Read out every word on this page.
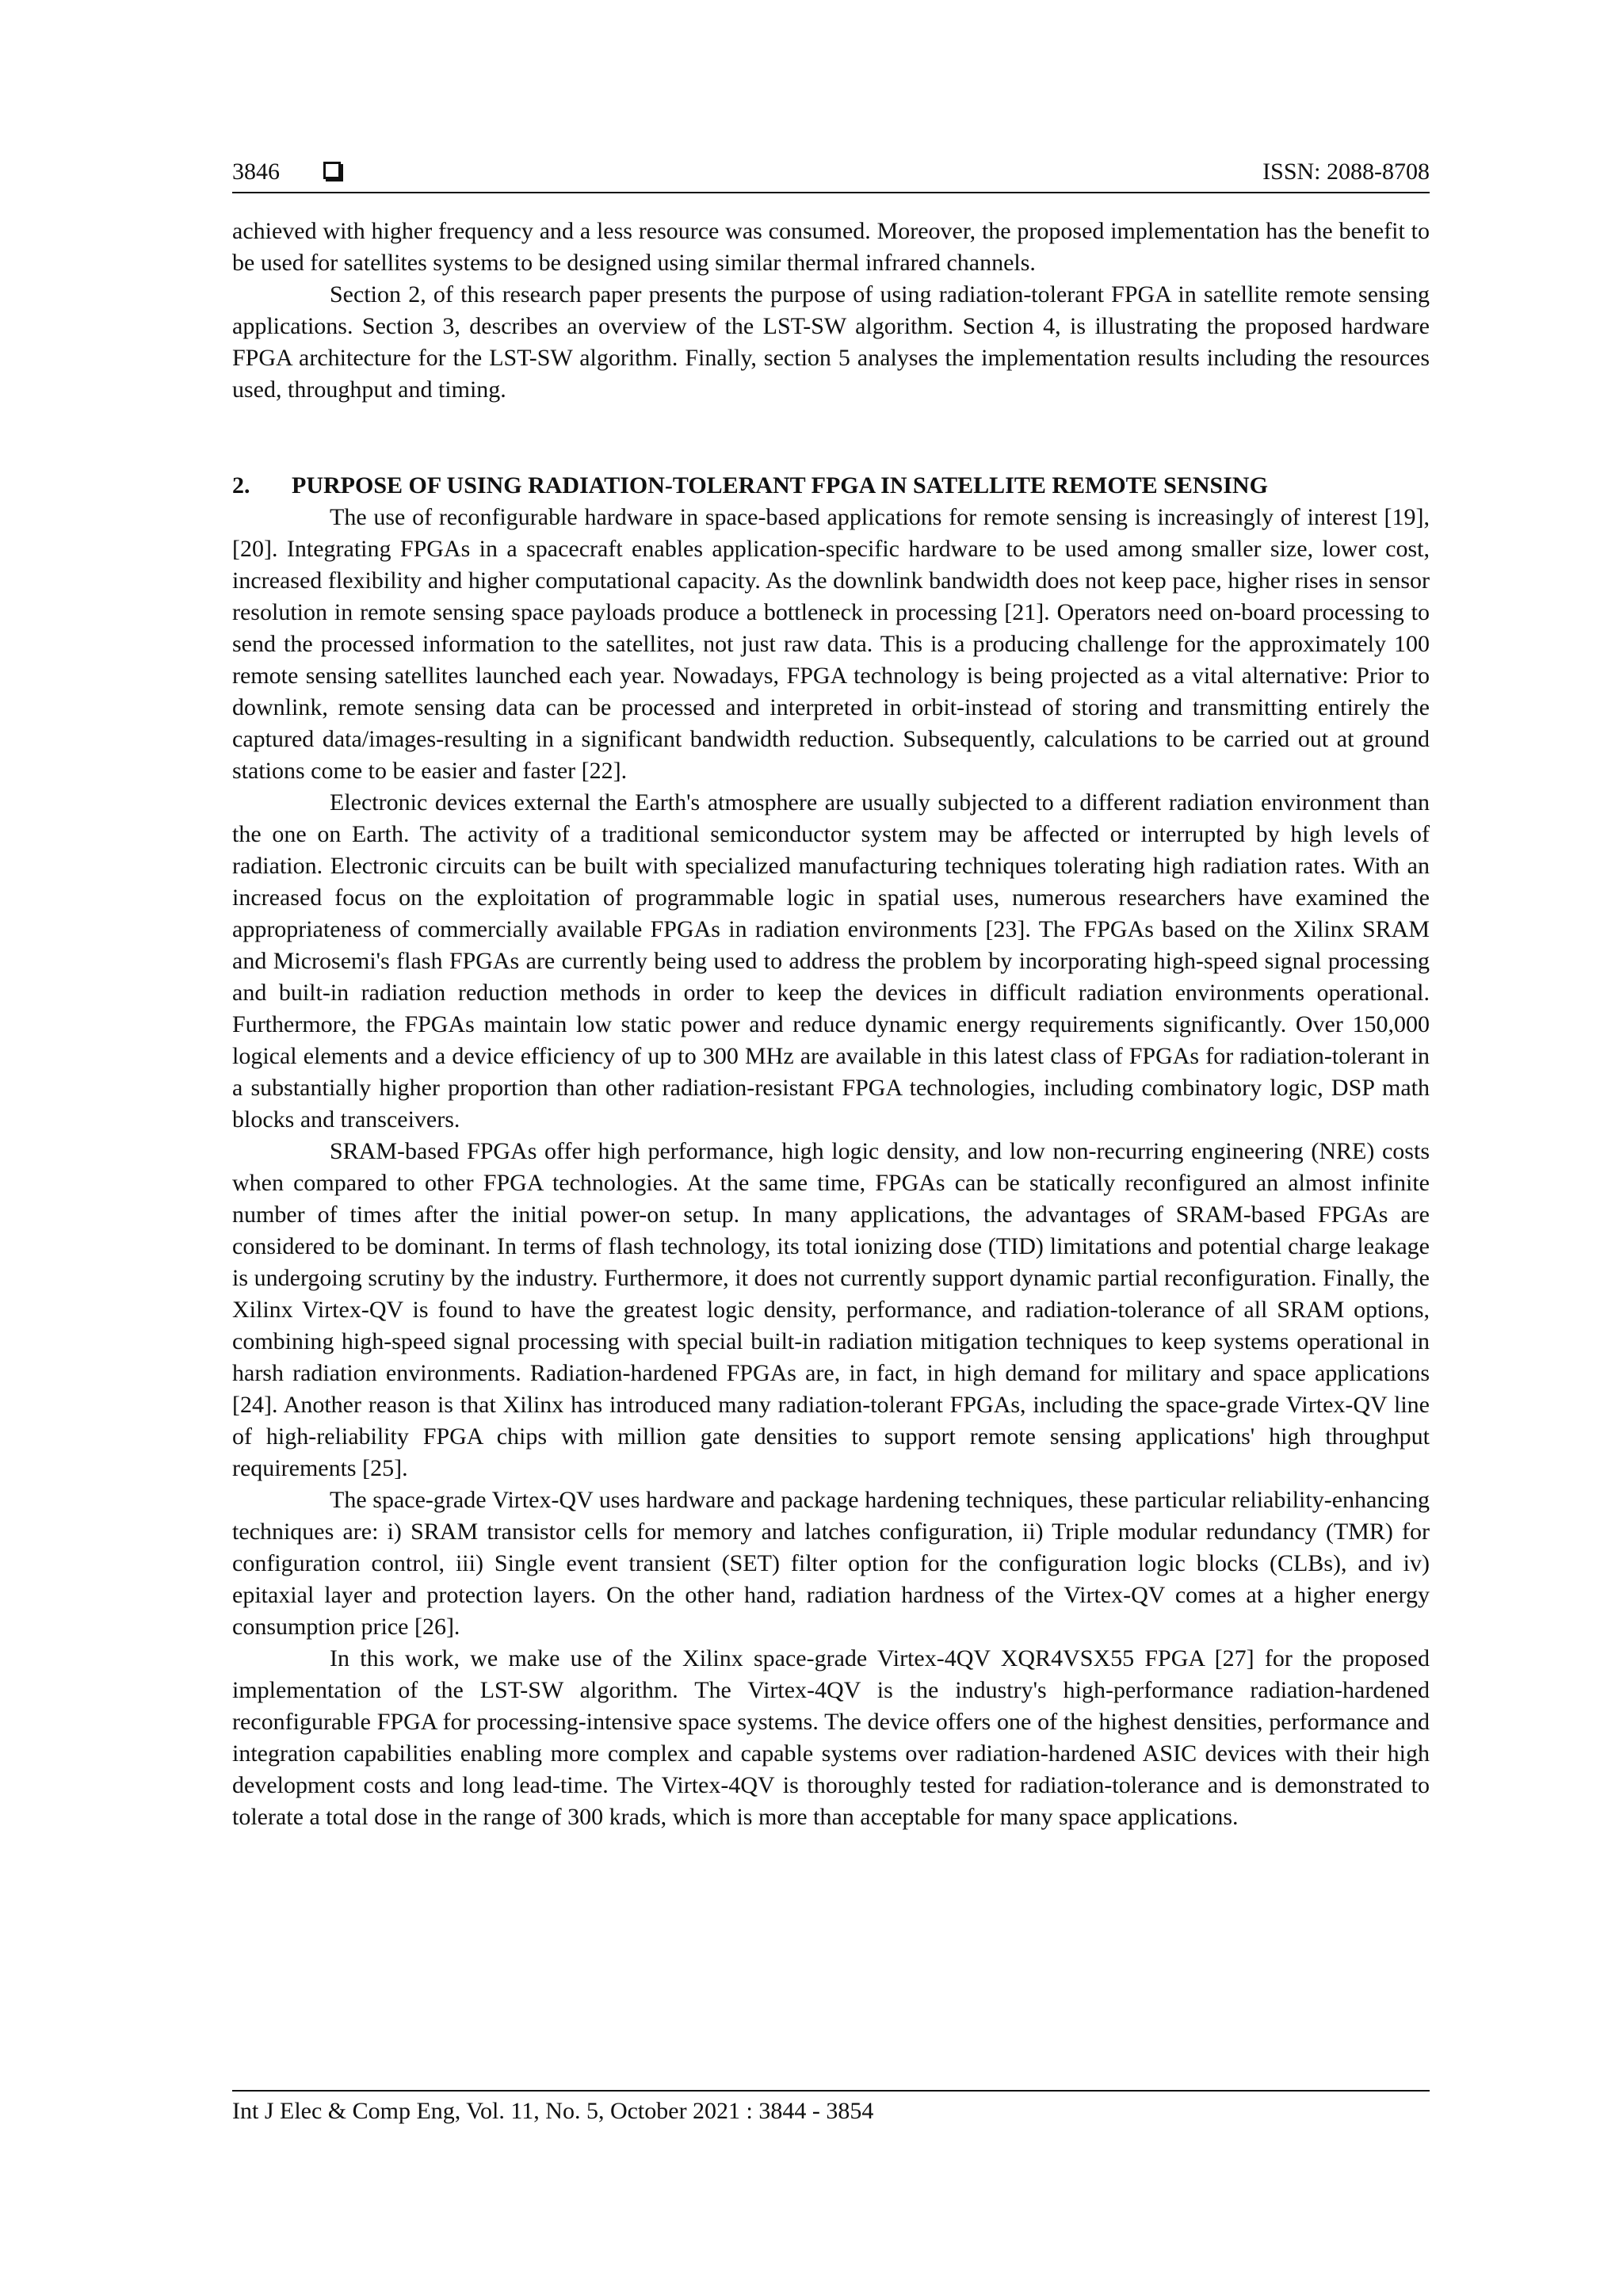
3846	ISSN: 2088-8708

achieved with higher frequency and a less resource was consumed. Moreover, the proposed implementation has the benefit to be used for satellites systems to be designed using similar thermal infrared channels.

Section 2, of this research paper presents the purpose of using radiation-tolerant FPGA in satellite remote sensing applications. Section 3, describes an overview of the LST-SW algorithm. Section 4, is illustrating the proposed hardware FPGA architecture for the LST-SW algorithm. Finally, section 5 analyses the implementation results including the resources used, throughput and timing.

2.	PURPOSE OF USING RADIATION-TOLERANT FPGA IN SATELLITE REMOTE SENSING

The use of reconfigurable hardware in space-based applications for remote sensing is increasingly of interest [19], [20]. Integrating FPGAs in a spacecraft enables application-specific hardware to be used among smaller size, lower cost, increased flexibility and higher computational capacity. As the downlink bandwidth does not keep pace, higher rises in sensor resolution in remote sensing space payloads produce a bottleneck in processing [21]. Operators need on-board processing to send the processed information to the satellites, not just raw data. This is a producing challenge for the approximately 100 remote sensing satellites launched each year. Nowadays, FPGA technology is being projected as a vital alternative: Prior to downlink, remote sensing data can be processed and interpreted in orbit-instead of storing and transmitting entirely the captured data/images-resulting in a significant bandwidth reduction. Subsequently, calculations to be carried out at ground stations come to be easier and faster [22].

Electronic devices external the Earth's atmosphere are usually subjected to a different radiation environment than the one on Earth. The activity of a traditional semiconductor system may be affected or interrupted by high levels of radiation. Electronic circuits can be built with specialized manufacturing techniques tolerating high radiation rates. With an increased focus on the exploitation of programmable logic in spatial uses, numerous researchers have examined the appropriateness of commercially available FPGAs in radiation environments [23]. The FPGAs based on the Xilinx SRAM and Microsemi's flash FPGAs are currently being used to address the problem by incorporating high-speed signal processing and built-in radiation reduction methods in order to keep the devices in difficult radiation environments operational. Furthermore, the FPGAs maintain low static power and reduce dynamic energy requirements significantly. Over 150,000 logical elements and a device efficiency of up to 300 MHz are available in this latest class of FPGAs for radiation-tolerant in a substantially higher proportion than other radiation-resistant FPGA technologies, including combinatory logic, DSP math blocks and transceivers.

SRAM-based FPGAs offer high performance, high logic density, and low non-recurring engineering (NRE) costs when compared to other FPGA technologies. At the same time, FPGAs can be statically reconfigured an almost infinite number of times after the initial power-on setup. In many applications, the advantages of SRAM-based FPGAs are considered to be dominant. In terms of flash technology, its total ionizing dose (TID) limitations and potential charge leakage is undergoing scrutiny by the industry. Furthermore, it does not currently support dynamic partial reconfiguration. Finally, the Xilinx Virtex-QV is found to have the greatest logic density, performance, and radiation-tolerance of all SRAM options, combining high-speed signal processing with special built-in radiation mitigation techniques to keep systems operational in harsh radiation environments. Radiation-hardened FPGAs are, in fact, in high demand for military and space applications [24]. Another reason is that Xilinx has introduced many radiation-tolerant FPGAs, including the space-grade Virtex-QV line of high-reliability FPGA chips with million gate densities to support remote sensing applications' high throughput requirements [25].

The space-grade Virtex-QV uses hardware and package hardening techniques, these particular reliability-enhancing techniques are: i) SRAM transistor cells for memory and latches configuration, ii) Triple modular redundancy (TMR) for configuration control, iii) Single event transient (SET) filter option for the configuration logic blocks (CLBs), and iv) epitaxial layer and protection layers. On the other hand, radiation hardness of the Virtex-QV comes at a higher energy consumption price [26].

In this work, we make use of the Xilinx space-grade Virtex-4QV XQR4VSX55 FPGA [27] for the proposed implementation of the LST-SW algorithm. The Virtex-4QV is the industry's high-performance radiation-hardened reconfigurable FPGA for processing-intensive space systems. The device offers one of the highest densities, performance and integration capabilities enabling more complex and capable systems over radiation-hardened ASIC devices with their high development costs and long lead-time. The Virtex-4QV is thoroughly tested for radiation-tolerance and is demonstrated to tolerate a total dose in the range of 300 krads, which is more than acceptable for many space applications.

Int J Elec & Comp Eng, Vol. 11, No. 5, October 2021 : 3844 - 3854
